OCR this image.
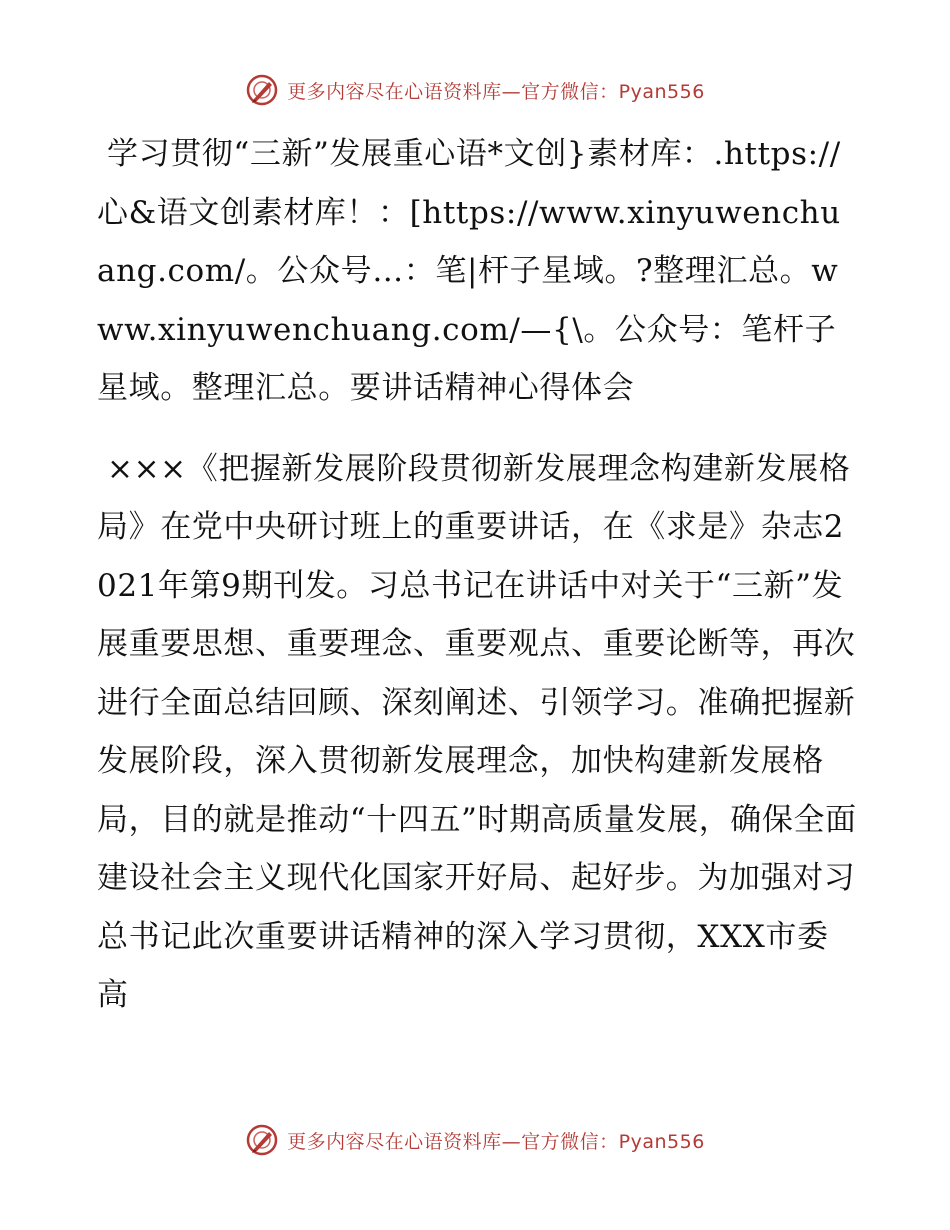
更多内容尽在心语资料库—官方微信：Pyan556

学习贯彻“三新”发展重心语*文创}素材库：.https://心&语文创素材库！：[https://www.xinyuwenchuang.com/。公众号…：笔|杆子星域。?整理汇总。www.xinyuwenchuang.com/—{\。公众号：笔杆子星域。整理汇总。要讲话精神心得体会

×××《把握新发展阶段贯彻新发展理念构建新发展格局》在党中央研讨班上的重要讲话，在《求是》杂志2021年第9期刊发。习总书记在讲话中对关于“三新”发展重要思想、重要理念、重要观点、重要论断等，再次进行全面总结回顾、深刻阐述、引领学习。准确把握新发展阶段，深入贯彻新发展理念，加快构建新发展格局，目的就是推动“十四五”时期高质量发展，确保全面建设社会主义现代化国家开好局、起好步。为加强对习总书记此次重要讲话精神的深入学习贯彻，XXX市委高

更多内容尽在心语资料库—官方微信：Pyan556
